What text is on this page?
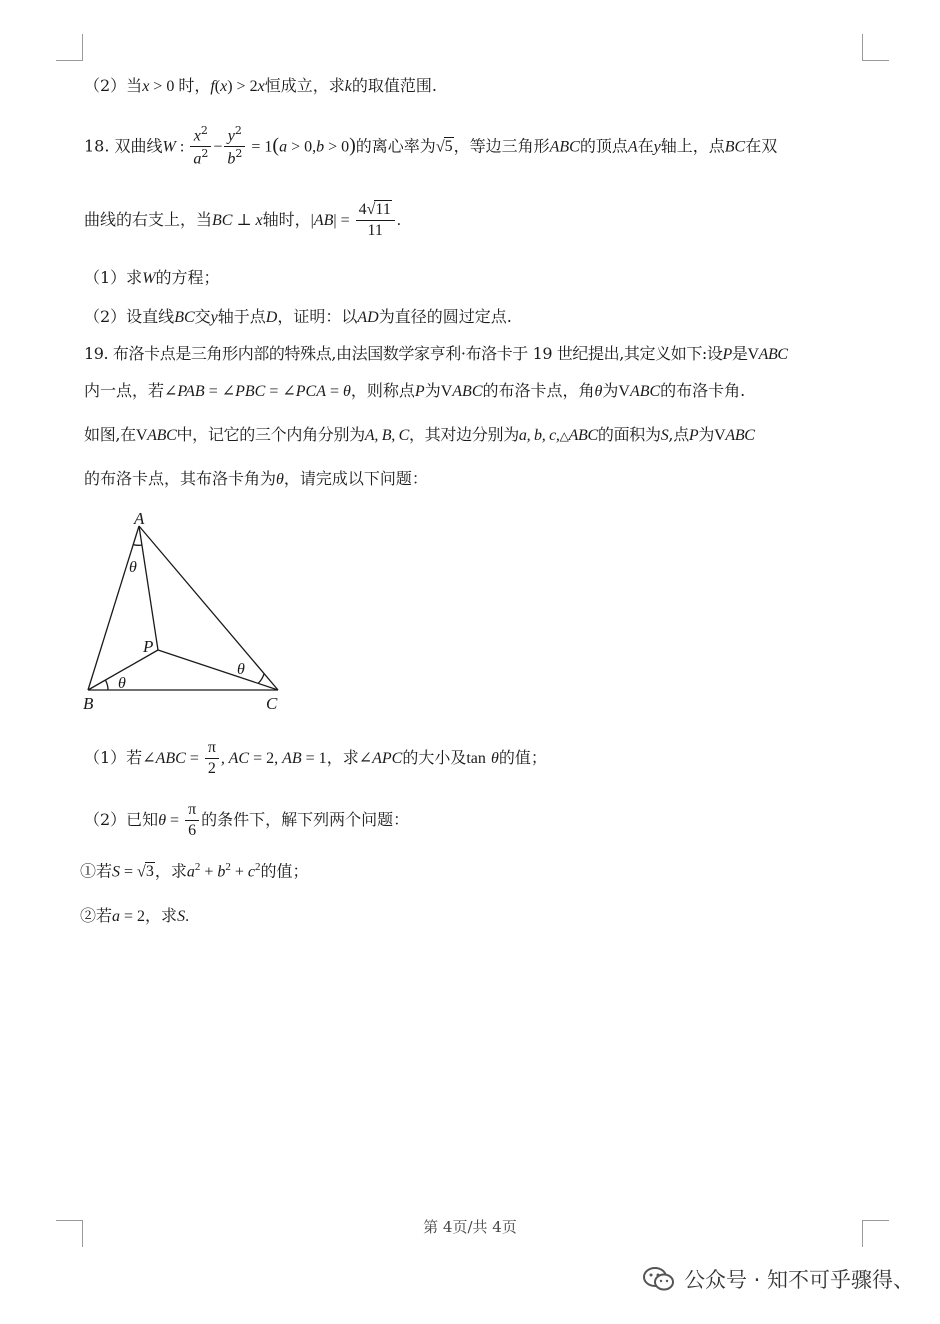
（2）当x > 0 时，f(x) > 2x恒成立，求k的取值范围.
18. 双曲线W : $\frac{x^2}{a^2} - \frac{y^2}{b^2} = 1(a > 0,b > 0)$的离心率为√5，等边三角形ABC的顶点A在y轴上，点BC在双
曲线的右支上，当BC ⊥ x轴时，$|AB| = \frac{4√11}{11}$ .
（1）求W的方程；
（2）设直线BC交y轴于点D，证明：以AD为直径的圆过定点.
19. 布洛卡点是三角形内部的特殊点,由法国数学家亨利·布洛卡于 19 世纪提出,其定义如下:设P是VABC
内一点，若∠PAB = ∠PBC = ∠PCA = θ，则称点P为VABC的布洛卡点，角θ为VABC的布洛卡角.
如图,在VABC中，记它的三个内角分别为A, B, C，其对边分别为a, b, c,△ABC的面积为S,点P为VABC
的布洛卡点，其布洛卡角为θ，请完成以下问题：
A
B	C
P
θ
θ
θ
（1）若∠ABC = $\frac{\pi}{2}$ , AC = 2, AB = 1，求∠APC的大小及tan θ的值；
（2）已知$\theta = \frac{\pi}{6}$ 的条件下，解下列两个问题：
①若S = √3，求$a^2 + b^2 + c^2$的值；
②若a = 2，求S.
第 4页/共 4页
公众号 · 知不可乎骤得、
